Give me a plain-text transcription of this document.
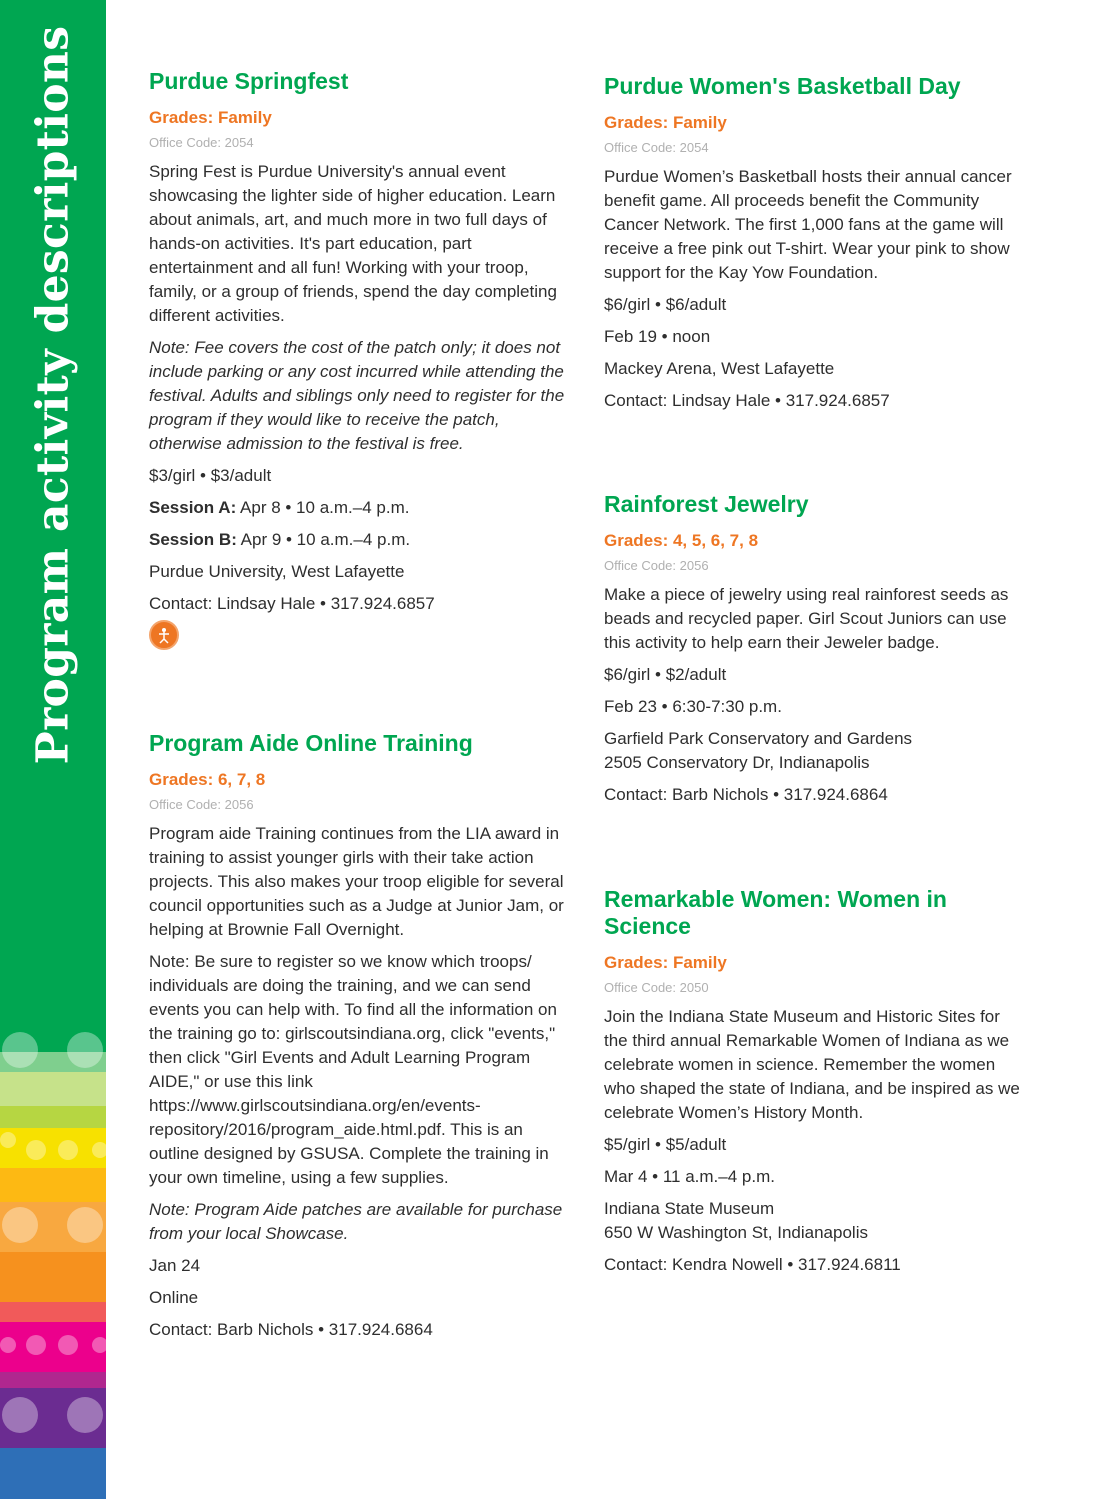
Program activity descriptions	Purdue Springfest
Grades: Family
Office Code: 2054

Spring Fest is Purdue University's annual event showcasing the lighter side of higher education. Learn about animals, art, and much more in two full days of hands-on activities. It's part education, part entertainment and all fun! Working with your troop, family, or a group of friends, spend the day completing different activities.

Note: Fee covers the cost of the patch only; it does not include parking or any cost incurred while attending the festival. Adults and siblings only need to register for the program if they would like to receive the patch, otherwise admission to the festival is free.

$3/girl • $3/adult
Session A: Apr 8 • 10 a.m.–4 p.m.
Session B: Apr 9 • 10 a.m.–4 p.m.
Purdue University, West Lafayette
Contact: Lindsay Hale • 317.924.6857
Program Aide Online Training
Grades: 6, 7, 8
Office Code: 2056

Program aide Training continues from the LIA award in training to assist younger girls with their take action projects. This also makes your troop eligible for several council opportunities such as a Judge at Junior Jam, or helping at Brownie Fall Overnight.

Note: Be sure to register so we know which troops/ individuals are doing the training, and we can send events you can help with. To find all the information on the training go to: girlscoutsindiana.org, click "events," then click "Girl Events and Adult Learning Program AIDE," or use this link https://www.girlscoutsindiana.org/en/events-repository/2016/program_aide.html.pdf. This is an outline designed by GSUSA. Complete the training in your own timeline, using a few supplies.

Note: Program Aide patches are available for purchase from your local Showcase.

Jan 24
Online
Contact: Barb Nichols • 317.924.6864
Purdue Women's Basketball Day
Grades: Family
Office Code: 2054

Purdue Women’s Basketball hosts their annual cancer benefit game. All proceeds benefit the Community Cancer Network. The first 1,000 fans at the game will receive a free pink out T-shirt. Wear your pink to show support for the Kay Yow Foundation.

$6/girl • $6/adult
Feb 19 • noon
Mackey Arena, West Lafayette
Contact: Lindsay Hale • 317.924.6857
Rainforest Jewelry
Grades: 4, 5, 6, 7, 8
Office Code: 2056

Make a piece of jewelry using real rainforest seeds as beads and recycled paper. Girl Scout Juniors can use this activity to help earn their Jeweler badge.

$6/girl • $2/adult
Feb 23 • 6:30-7:30 p.m.
Garfield Park Conservatory and Gardens
2505 Conservatory Dr, Indianapolis
Contact: Barb Nichols • 317.924.6864
Remarkable Women: Women in Science
Grades: Family
Office Code: 2050

Join the Indiana State Museum and Historic Sites for the third annual Remarkable Women of Indiana as we celebrate women in science. Remember the women who shaped the state of Indiana, and be inspired as we celebrate Women’s History Month.

$5/girl • $5/adult
Mar 4 • 11 a.m.–4 p.m.
Indiana State Museum
650 W Washington St, Indianapolis
Contact: Kendra Nowell • 317.924.6811
